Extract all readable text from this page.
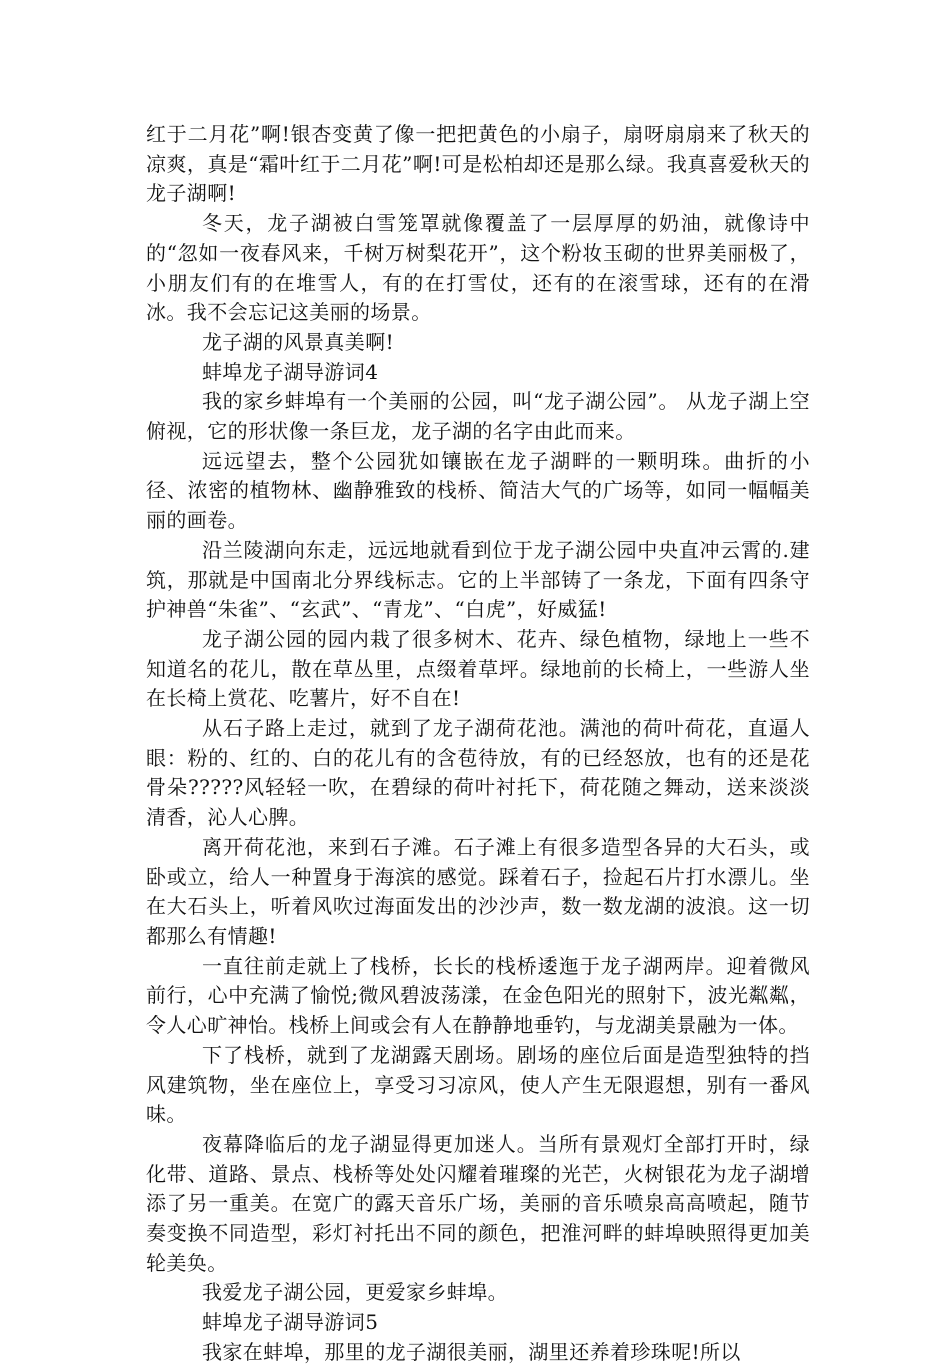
红于二月花”啊!银杏变黄了像一把把黄色的小扇子，扇呀扇扇来了秋天的凉爽，真是“霜叶红于二月花”啊!可是松柏却还是那么绿。我真喜爱秋天的龙子湖啊!

冬天，龙子湖被白雪笼罩就像覆盖了一层厚厚的奶油，就像诗中的“忽如一夜春风来，千树万树梨花开”，这个粉妆玉砌的世界美丽极了，小朋友们有的在堆雪人，有的在打雪仗，还有的在滚雪球，还有的在滑冰。我不会忘记这美丽的场景。

龙子湖的风景真美啊!

蚌埠龙子湖导游词4

我的家乡蚌埠有一个美丽的公园，叫“龙子湖公园”。 从龙子湖上空俯视，它的形状像一条巨龙，龙子湖的名字由此而来。

远远望去，整个公园犹如镶嵌在龙子湖畔的一颗明珠。曲折的小径、浓密的植物林、幽静雅致的栈桥、简洁大气的广场等，如同一幅幅美丽的画卷。

沿兰陵湖向东走，远远地就看到位于龙子湖公园中央直冲云霄的.建筑，那就是中国南北分界线标志。它的上半部铸了一条龙，下面有四条守护神兽“朱雀”、“玄武”、“青龙”、“白虎”，好威猛!

龙子湖公园的园内栽了很多树木、花卉、绿色植物，绿地上一些不知道名的花儿，散在草丛里，点缀着草坪。绿地前的长椅上，一些游人坐在长椅上赏花、吃薯片，好不自在!

从石子路上走过，就到了龙子湖荷花池。满池的荷叶荷花，直逼人眼：粉的、红的、白的花儿有的含苞待放，有的已经怒放，也有的还是花骨朵?????风轻轻一吹，在碧绿的荷叶衬托下，荷花随之舞动，送来淡淡清香，沁人心脾。

离开荷花池，来到石子滩。石子滩上有很多造型各异的大石头，或卧或立，给人一种置身于海滨的感觉。踩着石子，捡起石片打水漂儿。坐在大石头上，听着风吹过海面发出的沙沙声，数一数龙湖的波浪。这一切都那么有情趣!

一直往前走就上了栈桥，长长的栈桥逶迤于龙子湖两岸。迎着微风前行，心中充满了愉悦;微风碧波荡漾，在金色阳光的照射下，波光粼粼，令人心旷神怡。栈桥上间或会有人在静静地垂钓，与龙湖美景融为一体。

下了栈桥，就到了龙湖露天剧场。剧场的座位后面是造型独特的挡风建筑物，坐在座位上，享受习习凉风，使人产生无限遐想，别有一番风味。

夜幕降临后的龙子湖显得更加迷人。当所有景观灯全部打开时，绿化带、道路、景点、栈桥等处处闪耀着璀璨的光芒，火树银花为龙子湖增添了另一重美。在宽广的露天音乐广场，美丽的音乐喷泉高高喷起，随节奏变换不同造型，彩灯衬托出不同的颜色，把淮河畔的蚌埠映照得更加美轮美奂。

我爱龙子湖公园，更爱家乡蚌埠。

蚌埠龙子湖导游词5

我家在蚌埠，那里的龙子湖很美丽，湖里还养着珍珠呢!所以
